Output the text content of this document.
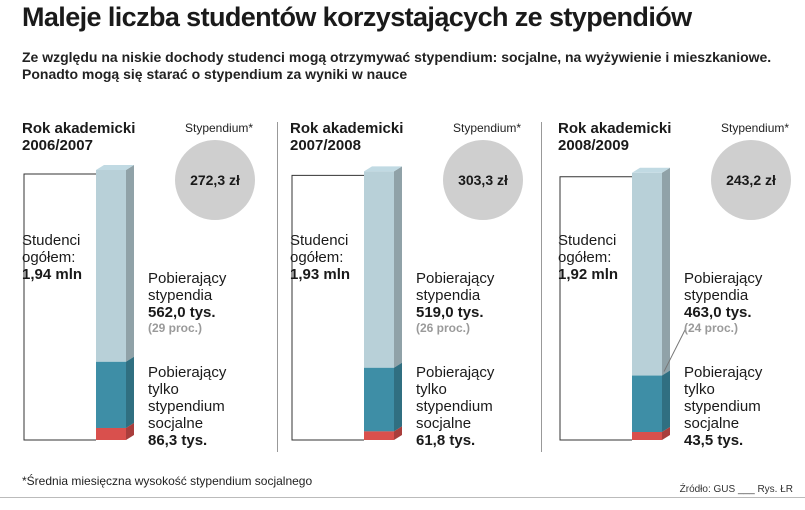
Maleje liczba studentów korzystających ze stypendiów
Ze względu na niskie dochody studenci mogą otrzymywać stypendium: socjalne, na wyżywienie i mieszkaniowe. Ponadto mogą się starać o stypendium za wyniki w nauce
Rok akademicki
2006/2007
Stypendium*
272,3 zł
Studenci
ogółem:
1,94 mln	Pobierający
stypendia
562,0 tys.
(29 proc.)
Pobierający
tylko
stypendium
socjalne
86,3 tys.
Rok akademicki
2007/2008
Stypendium*
303,3 zł
Studenci
ogółem:
1,93 mln	Pobierający
stypendia
519,0 tys.
(26 proc.)
Pobierający
tylko
stypendium
socjalne
61,8 tys.
Rok akademicki
2008/2009
Stypendium*
243,2 zł
Studenci
ogółem:
1,92 mln	Pobierający
stypendia
463,0 tys.
(24 proc.)
Pobierający
tylko
stypendium
socjalne
43,5 tys.
*Średnia miesięczna wysokość stypendium socjalnego
Źródło: GUS ___ Rys. ŁR
